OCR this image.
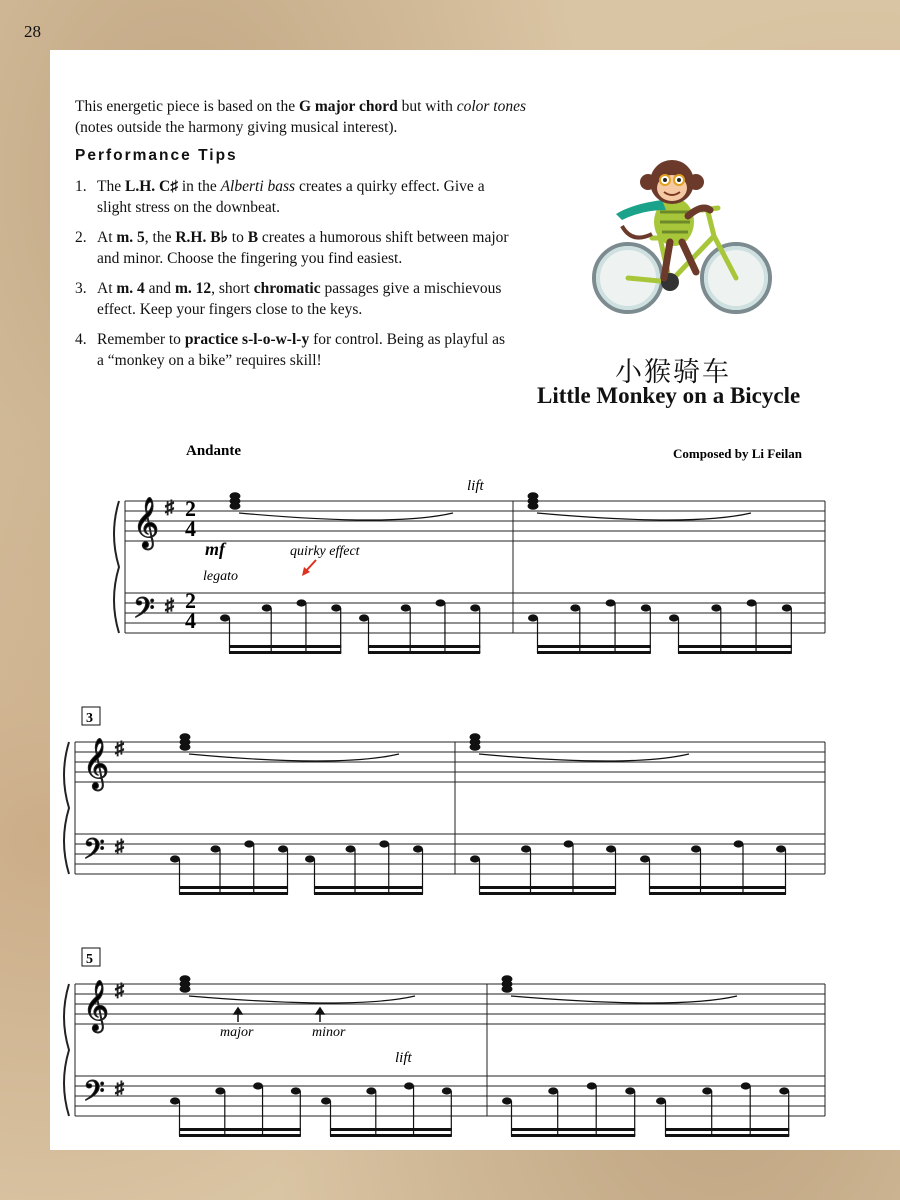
28

This energetic piece is based on the G major chord but with color tones (notes outside the harmony giving musical interest).

Performance Tips
1. The L.H. C♯ in the Alberti bass creates a quirky effect. Give a slight stress on the downbeat.
2. At m. 5, the R.H. B♭ to B creates a humorous shift between major and minor. Choose the fingering you find easiest.
3. At m. 4 and m. 12, short chromatic passages give a mischievous effect. Keep your fingers close to the keys.
4. Remember to practice s-l-o-w-l-y for control. Being as playful as a “monkey on a bike” requires skill!	小猴骑车
Little Monkey on a Bicycle
𝄞 ♯
𝄢 ♯
𝄞 ♯
𝄢 ♯
𝄞 ♯
𝄢 ♯
Andante	Composed by Li Feilan
mf
legato
quirky effect
lift
lift
major	minor
3
5
2
4
2
4
